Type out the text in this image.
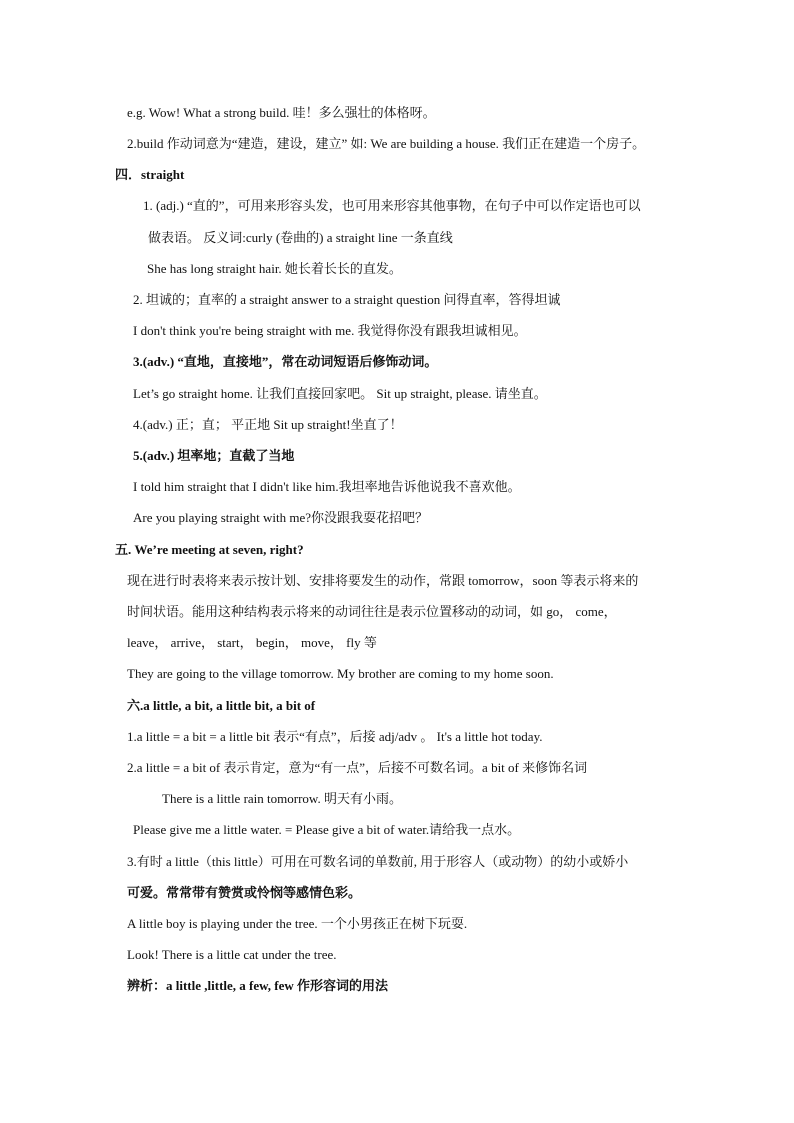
e.g. Wow! What a strong build. 哇！多么强壮的体格呀。
2.build 作动词意为“建造，建设，建立” 如: We are building a house. 我们正在建造一个房子。
四．straight
1. (adj.) “直的”，可用来形容头发，也可用来形容其他事物，在句子中可以作定语也可以
做表语。 反义词:curly (卷曲的) a straight line 一条直线
She has long straight hair. 她长着长长的直发。
2. 坦诚的；直率的 a straight answer to a straight question 问得直率，答得坦诚
I don't think you're being straight with me. 我觉得你没有跟我坦诚相见。
3.(adv.) “直地，直接地”，常在动词短语后修饰动词。
Let’s go straight home. 让我们直接回家吧。 Sit up straight, please. 请坐直。
4.(adv.) 正；直； 平正地 Sit up straight!坐直了！
5.(adv.) 坦率地；直截了当地
I told him straight that I didn't like him.我坦率地告诉他说我不喜欢他。
Are you playing straight with me?你没跟我耍花招吧？
五. We’re meeting at seven, right?
现在进行时表将来表示按计划、安排将要发生的动作，常跟 tomorrow，soon 等表示将来的
时间状语。能用这种结构表示将来的动词往往是表示位置移动的动词，如 go， come，
leave， arrive， start， begin， move， fly 等
They are going to the village tomorrow. My brother are coming to my home soon.
六.a little, a bit, a little bit, a bit of
1.a little = a bit = a little bit 表示“有点”，后接 adj/adv 。 It's a little hot today.
2.a little = a bit of 表示肯定，意为“有一点”，后接不可数名词。a bit of 来修饰名词
There is a little rain tomorrow. 明天有小雨。
Please give me a little water. = Please give a bit of water.请给我一点水。
3.有时 a little（this little）可用在可数名词的单数前, 用于形容人（或动物）的幼小或娇小
可爱。常常带有赞赏或怜悯等感情色彩。
A little boy is playing under the tree. 一个小男孩正在树下玩耍.
Look! There is a little cat under the tree.
辨析：a little ,little, a few, few 作形容词的用法
